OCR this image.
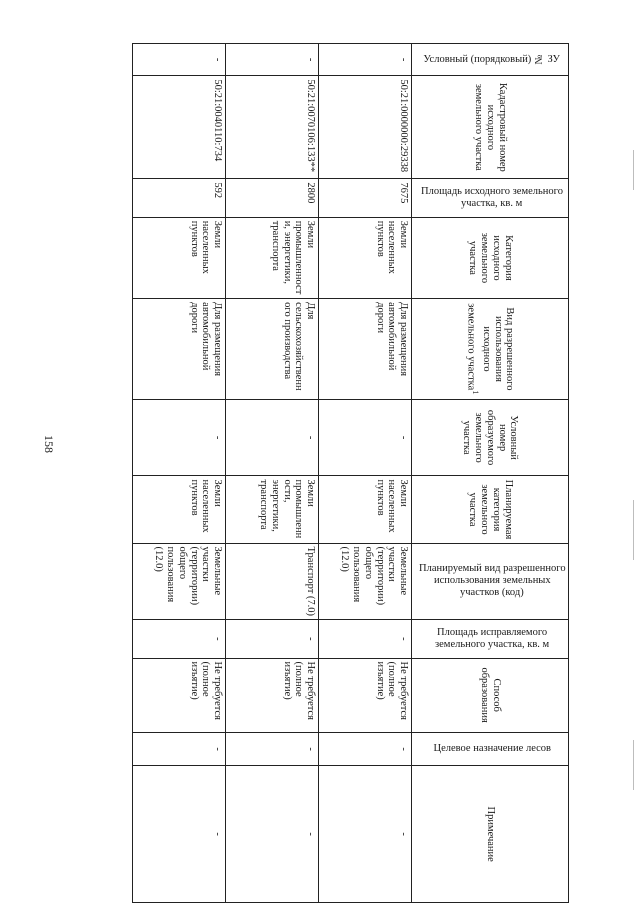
158
Условный (порядковый) № ЗУ	Кадастровый номер исходного земельного участка	Площадь исходного земельного участка, кв. м	Категория исходного земельного участка	Вид разрешенного использования исходного земельного участка$^1$	Условный номер образуемого земельного участка	Планируемая категория земельного участка	Планируемый вид разрешенного использования земельных участков (код)	Площадь исправляемого земельного участка, кв. м	Способ образования	Целевое назначение лесов	Примечание
-	50:21:0000000:29338	7675	Земли населенных пунктов	Для размещения автомобильной дороги	-	Земли населенных пунктов	Земельные участки (территории) общего пользования (12.0)	-	Не требуется (полное изъятие)	-	-
-	50:21:0070106:133**	2800	Земли промышленности, энергетики, транспорта	Для сельскохозяйственного производства	-	Земли промышленности, энергетики, транспорта	Транспорт (7.0)	-	Не требуется (полное изъятие)	-	-
-	50:21:0040110:734	592	Земли населенных пунктов	Для размещения автомобильной дороги	-	Земли населенных пунктов	Земельные участки (территории) общего пользования (12.0)	-	Не требуется (полное изъятие)	-	-
